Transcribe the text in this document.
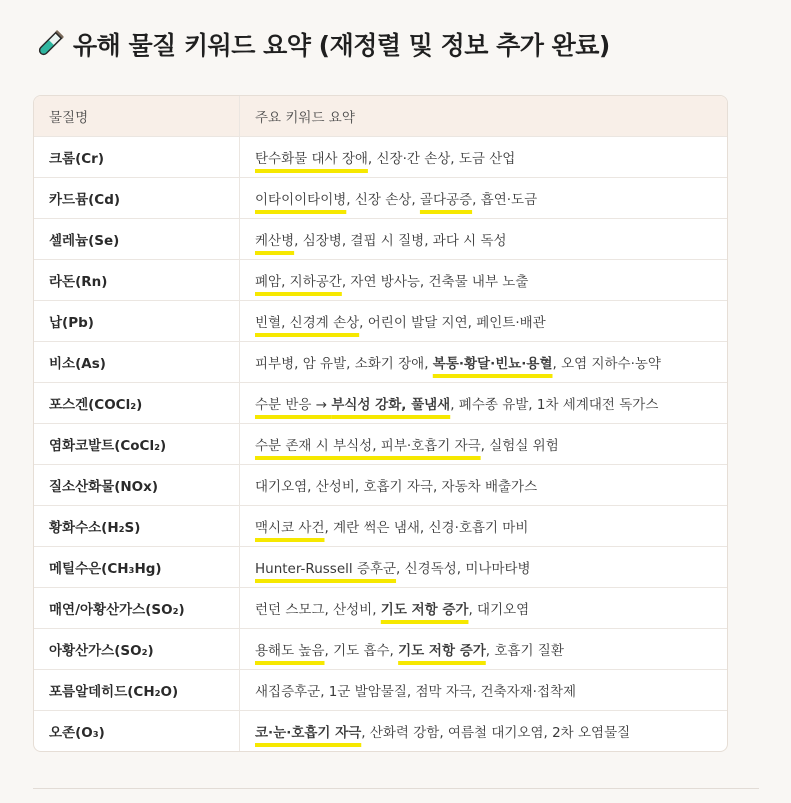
유해 물질 키워드 요약 (재정렬 및 정보 추가 완료)
물질명	주요 키워드 요약
크롬(Cr)	탄수화물 대사 장애, 신장·간 손상, 도금 산업
카드뮴(Cd)	이타이이타이병, 신장 손상, 골다공증, 흡연·도금
셀레늄(Se)	케산병, 심장병, 결핍 시 질병, 과다 시 독성
라돈(Rn)	폐암, 지하공간, 자연 방사능, 건축물 내부 노출
납(Pb)	빈혈, 신경계 손상, 어린이 발달 지연, 페인트·배관
비소(As)	피부병, 암 유발, 소화기 장애, 복통·황달·빈뇨·용혈, 오염 지하수·농약
포스겐(COCl₂)	수분 반응 → 부식성 강화, 풀냄새, 폐수종 유발, 1차 세계대전 독가스
염화코발트(CoCl₂)	수분 존재 시 부식성, 피부·호흡기 자극, 실험실 위험
질소산화물(NOx)	대기오염, 산성비, 호흡기 자극, 자동차 배출가스
황화수소(H₂S)	맥시코 사건, 계란 썩은 냄새, 신경·호흡기 마비
메틸수은(CH₃Hg)	Hunter-Russell 증후군, 신경독성, 미나마타병
매연/아황산가스(SO₂)	런던 스모그, 산성비, 기도 저항 증가, 대기오염
아황산가스(SO₂)	용해도 높음, 기도 흡수, 기도 저항 증가, 호흡기 질환
포름알데히드(CH₂O)	새집증후군, 1군 발암물질, 점막 자극, 건축자재·접착제
오존(O₃)	코·눈·호흡기 자극, 산화력 강함, 여름철 대기오염, 2차 오염물질
